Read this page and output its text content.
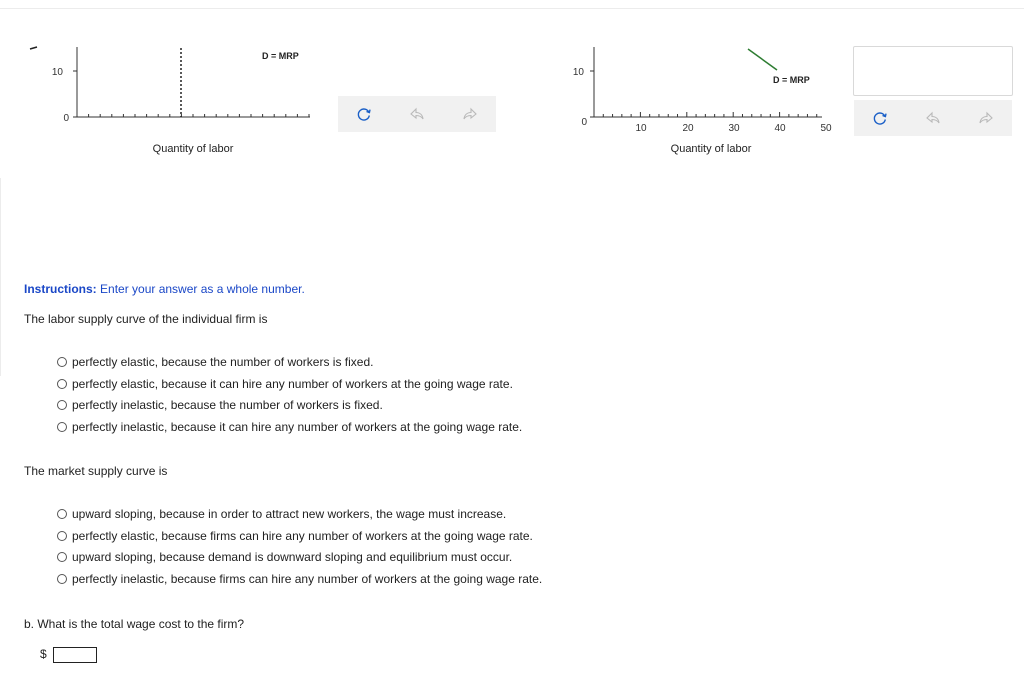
10
0
D = MRP
Quantity of labor
10
0
10	20	30	40	50
D = MRP
Quantity of labor
Instructions: Enter your answer as a whole number.
The labor supply curve of the individual firm is
perfectly elastic, because the number of workers is fixed.
perfectly elastic, because it can hire any number of workers at the going wage rate.
perfectly inelastic, because the number of workers is fixed.
perfectly inelastic, because it can hire any number of workers at the going wage rate.
The market supply curve is
upward sloping, because in order to attract new workers, the wage must increase.
perfectly elastic, because firms can hire any number of workers at the going wage rate.
upward sloping, because demand is downward sloping and equilibrium must occur.
perfectly inelastic, because firms can hire any number of workers at the going wage rate.
b. What is the total wage cost to the firm?
$
